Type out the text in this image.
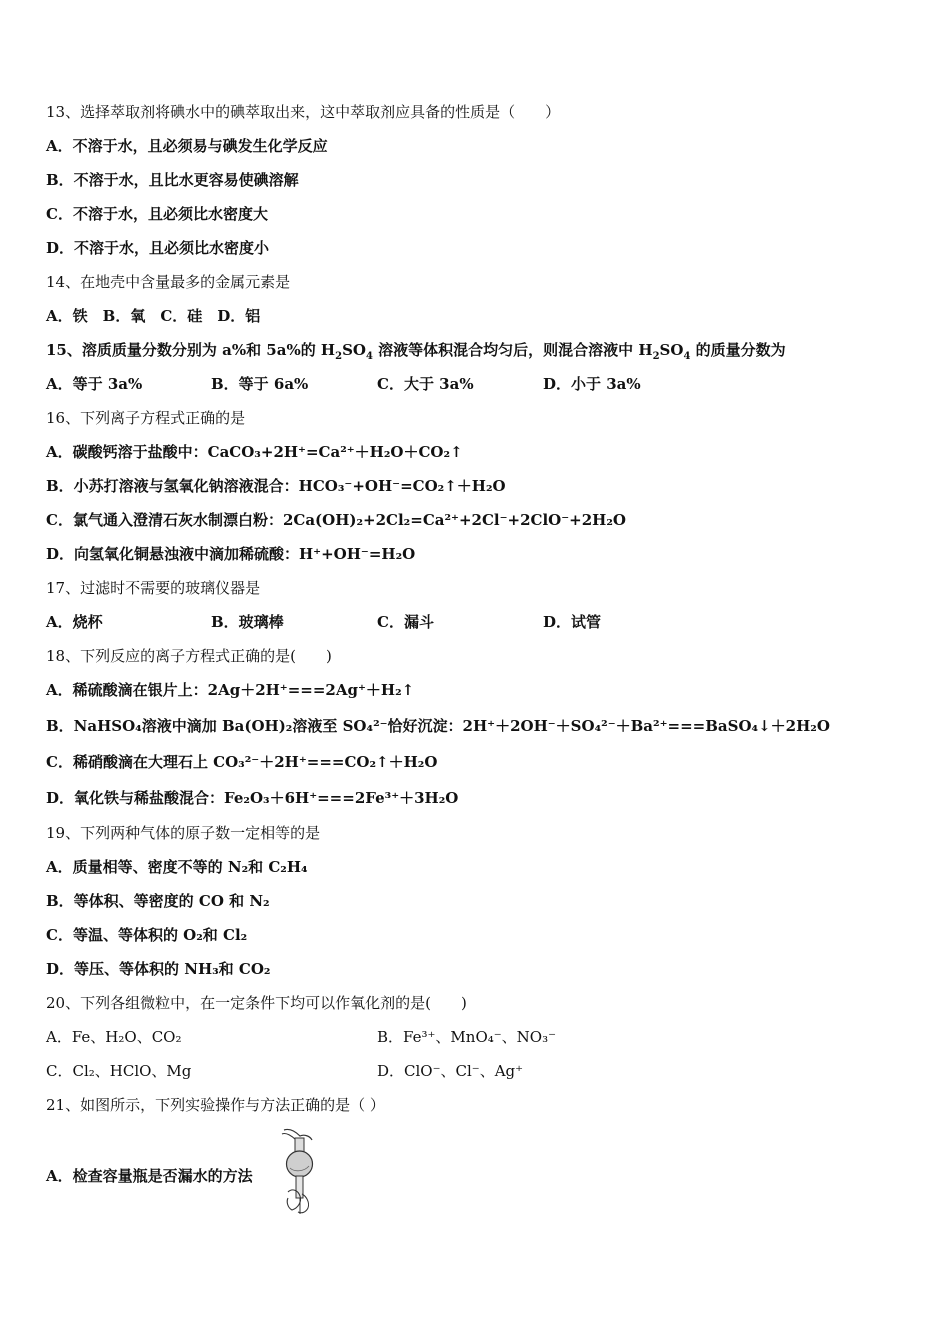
13、选择萃取剂将碘水中的碘萃取出来，这中萃取剂应具备的性质是（　　）
A．不溶于水，且必须易与碘发生化学反应
B．不溶于水，且比水更容易使碘溶解
C．不溶于水，且必须比水密度大
D．不溶于水，且必须比水密度小
14、在地壳中含量最多的金属元素是
A．铁　B．氧　C．硅　D．铝
15、溶质质量分数分别为 a%和 5a%的 $H_2SO_4$ 溶液等体积混合均匀后，则混合溶液中 $H_2SO_4$ 的质量分数为
A．等于 3a%	B．等于 6a%	C．大于 3a%	D．小于 3a%
16、下列离子方程式正确的是
A．碳酸钙溶于盐酸中：CaCO₃+2H⁺=Ca²⁺＋H₂O＋CO₂↑
B．小苏打溶液与氢氧化钠溶液混合：HCO₃⁻+OH⁻=CO₂↑＋H₂O
C．氯气通入澄清石灰水制漂白粉：2Ca(OH)₂+2Cl₂=Ca²⁺+2Cl⁻+2ClO⁻+2H₂O
D．向氢氧化铜悬浊液中滴加稀硫酸：H⁺+OH⁻=H₂O
17、过滤时不需要的玻璃仪器是
A．烧杯	B．玻璃棒	C．漏斗	D．试管
18、下列反应的离子方程式正确的是(　　)
A．稀硫酸滴在银片上：2Ag＋2H⁺===2Ag⁺＋H₂↑
B．NaHSO₄溶液中滴加 Ba(OH)₂溶液至 SO₄²⁻恰好沉淀：2H⁺＋2OH⁻＋SO₄²⁻＋Ba²⁺===BaSO₄↓＋2H₂O
C．稀硝酸滴在大理石上 CO₃²⁻＋2H⁺===CO₂↑＋H₂O
D．氧化铁与稀盐酸混合：Fe₂O₃＋6H⁺===2Fe³⁺＋3H₂O
19、下列两种气体的原子数一定相等的是
A．质量相等、密度不等的 N₂和 C₂H₄
B．等体积、等密度的 CO 和 N₂
C．等温、等体积的 O₂和 Cl₂
D．等压、等体积的 NH₃和 CO₂
20、下列各组微粒中，在一定条件下均可以作氧化剂的是(　　)
A．Fe、H₂O、CO₂	B．Fe³⁺、MnO₄⁻、NO₃⁻
C．Cl₂、HClO、Mg	D．ClO⁻、Cl⁻、Ag⁺
21、如图所示，下列实验操作与方法正确的是（ ）
A．检查容量瓶是否漏水的方法
